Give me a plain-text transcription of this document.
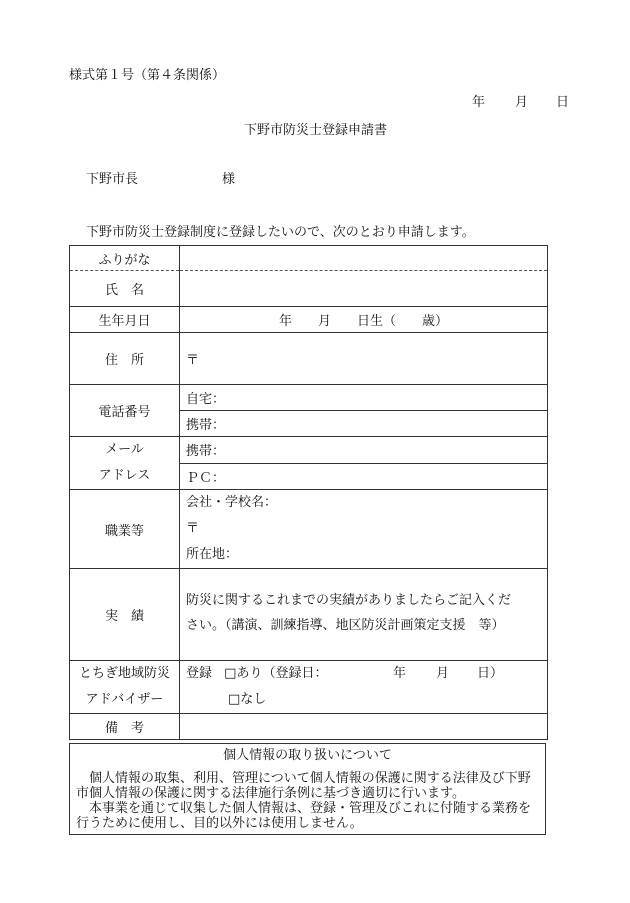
様式第１号（第４条関係）
年 月 日
下野市防災士登録申請書
下野市長	様
下野市防災士登録制度に登録したいので、次のとおり申請します。
ふりがな	
氏　名	
生年月日	年　　月　　日生（　　歳）
住　所	〒
電話番号	自宅：
	携帯：

メール
アドレス	携帯：
	ＰＣ：
職業等	会社・学校名：
〒
所在地：

実　績	防災に関するこれまでの実績がありましたらご記入くだ
さい。（講演、訓練指導、地区防災計画策定支援　等）

とちぎ地域防災
アドバイザー	登録 □あり（登録日： 年 月 日）
□なし

備　考	

個人情報の取り扱いについて

個人情報の取集、利用、管理について個人情報の保護に関する法律及び下野市個人情報の保護に関する法律施行条例に基づき適切に行います。

本事業を通じて収集した個人情報は、登録・管理及びこれに付随する業務を行うために使用し、目的以外には使用しません。
